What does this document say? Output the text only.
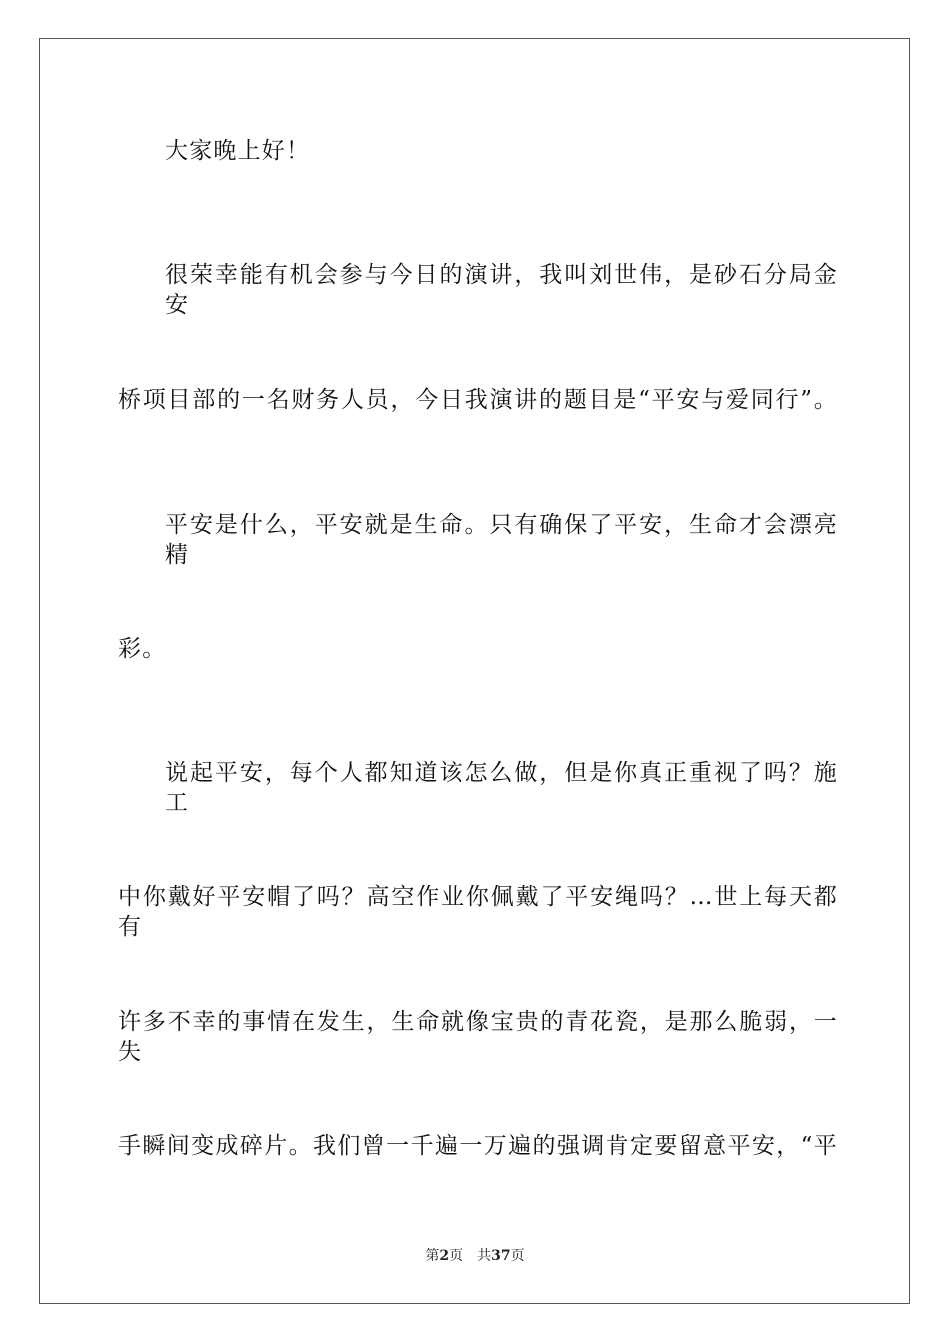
大家晚上好！
很荣幸能有机会参与今日的演讲，我叫刘世伟，是砂石分局金安
桥项目部的一名财务人员，今日我演讲的题目是“平安与爱同行”。
平安是什么，平安就是生命。只有确保了平安，生命才会漂亮精
彩。
说起平安，每个人都知道该怎么做，但是你真正重视了吗？施工
中你戴好平安帽了吗？高空作业你佩戴了平安绳吗？…世上每天都有
许多不幸的事情在发生，生命就像宝贵的青花瓷，是那么脆弱，一失
手瞬间变成碎片。我们曾一千遍一万遍的强调肯定要留意平安，“平
第2页 共37页
